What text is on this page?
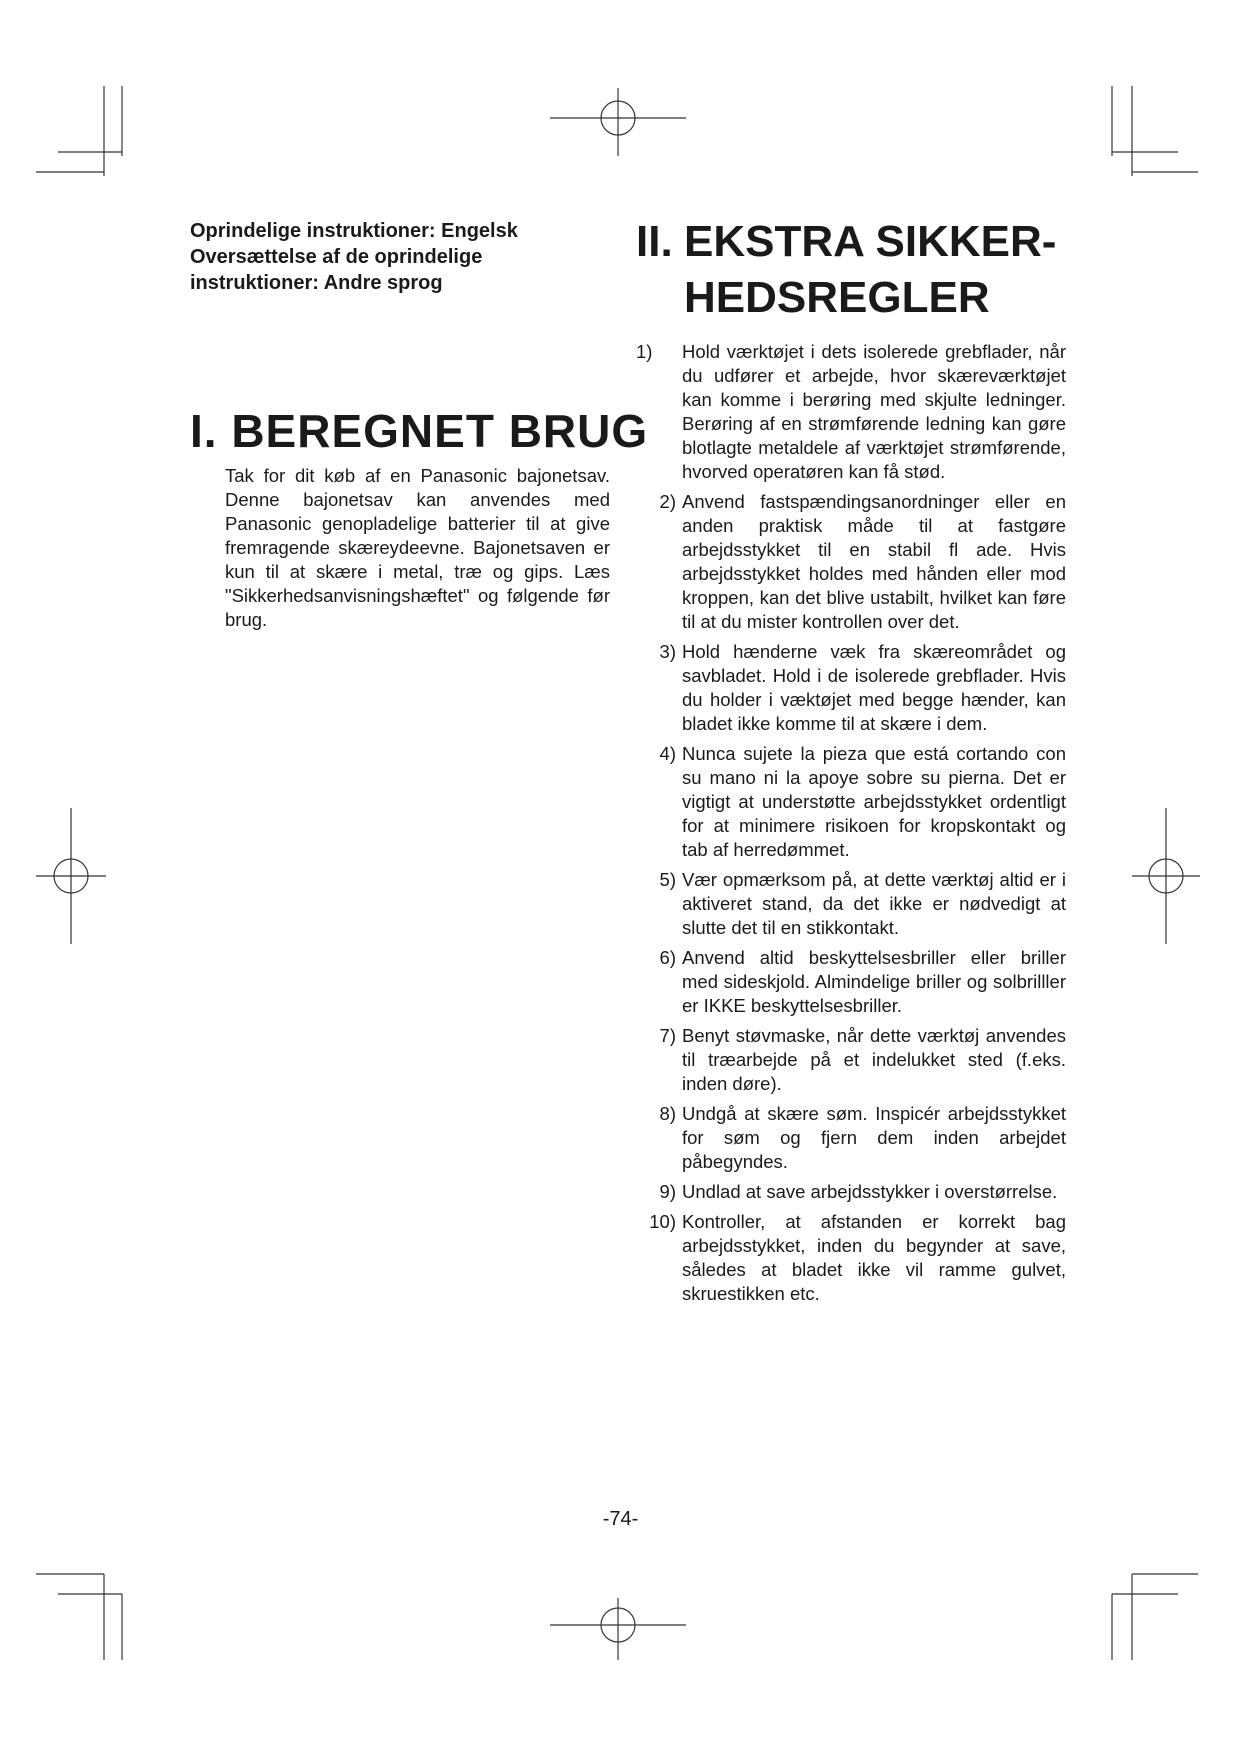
Oprindelige instruktioner: Engelsk

Oversættelse af de oprindelige instruktioner: Andre sprog

I. BEREGNET BRUG

Tak for dit køb af en Panasonic bajonetsav. Denne bajonetsav kan anvendes med Panasonic genopladelige batterier til at give fremragende skæreydeevne. Bajonetsaven er kun til at skære i metal, træ og gips. Læs "Sikkerhedsanvisningshæftet" og følgende før brug.

II. EKSTRA SIKKER-
HEDSREGLER
1)	Hold værktøjet i dets isolerede grebflader, når du udfører et arbejde, hvor skæreværktøjet kan komme i berøring med skjulte ledninger. Berøring af en strømførende ledning kan gøre blotlagte metaldele af værktøjet strømførende, hvorved operatøren kan få stød.
2) Anvend fastspændingsanordninger eller en anden praktisk måde til at fastgøre arbejdsstykket til en stabil fl ade. Hvis arbejdsstykket holdes med hånden eller mod kroppen, kan det blive ustabilt, hvilket kan føre til at du mister kontrollen over det.
3) Hold hænderne væk fra skæreområdet og savbladet. Hold i de isolerede grebflader. Hvis du holder i væktøjet med begge hænder, kan bladet ikke komme til at skære i dem.
4) Nunca sujete la pieza que está cortando con su mano ni la apoye sobre su pierna. Det er vigtigt at understøtte arbejdsstykket ordentligt for at minimere risikoen for kropskontakt og tab af herredømmet.
5) Vær opmærksom på, at dette værktøj altid er i aktiveret stand, da det ikke er nødvedigt at slutte det til en stikkontakt.
6) Anvend altid beskyttelsesbriller eller briller med sideskjold. Almindelige briller og solbrilller er IKKE beskyttelsesbriller.
7) Benyt støvmaske, når dette værktøj anvendes til træarbejde på et indelukket sted (f.eks. inden døre).
8) Undgå at skære søm. Inspicér arbejdsstykket for søm og fjern dem inden arbejdet påbegyndes.
9) Undlad at save arbejdsstykker i overstørrelse.
10) Kontroller, at afstanden er korrekt bag arbejdsstykket, inden du begynder at save, således at bladet ikke vil ramme gulvet, skruestikken etc.
-74-
